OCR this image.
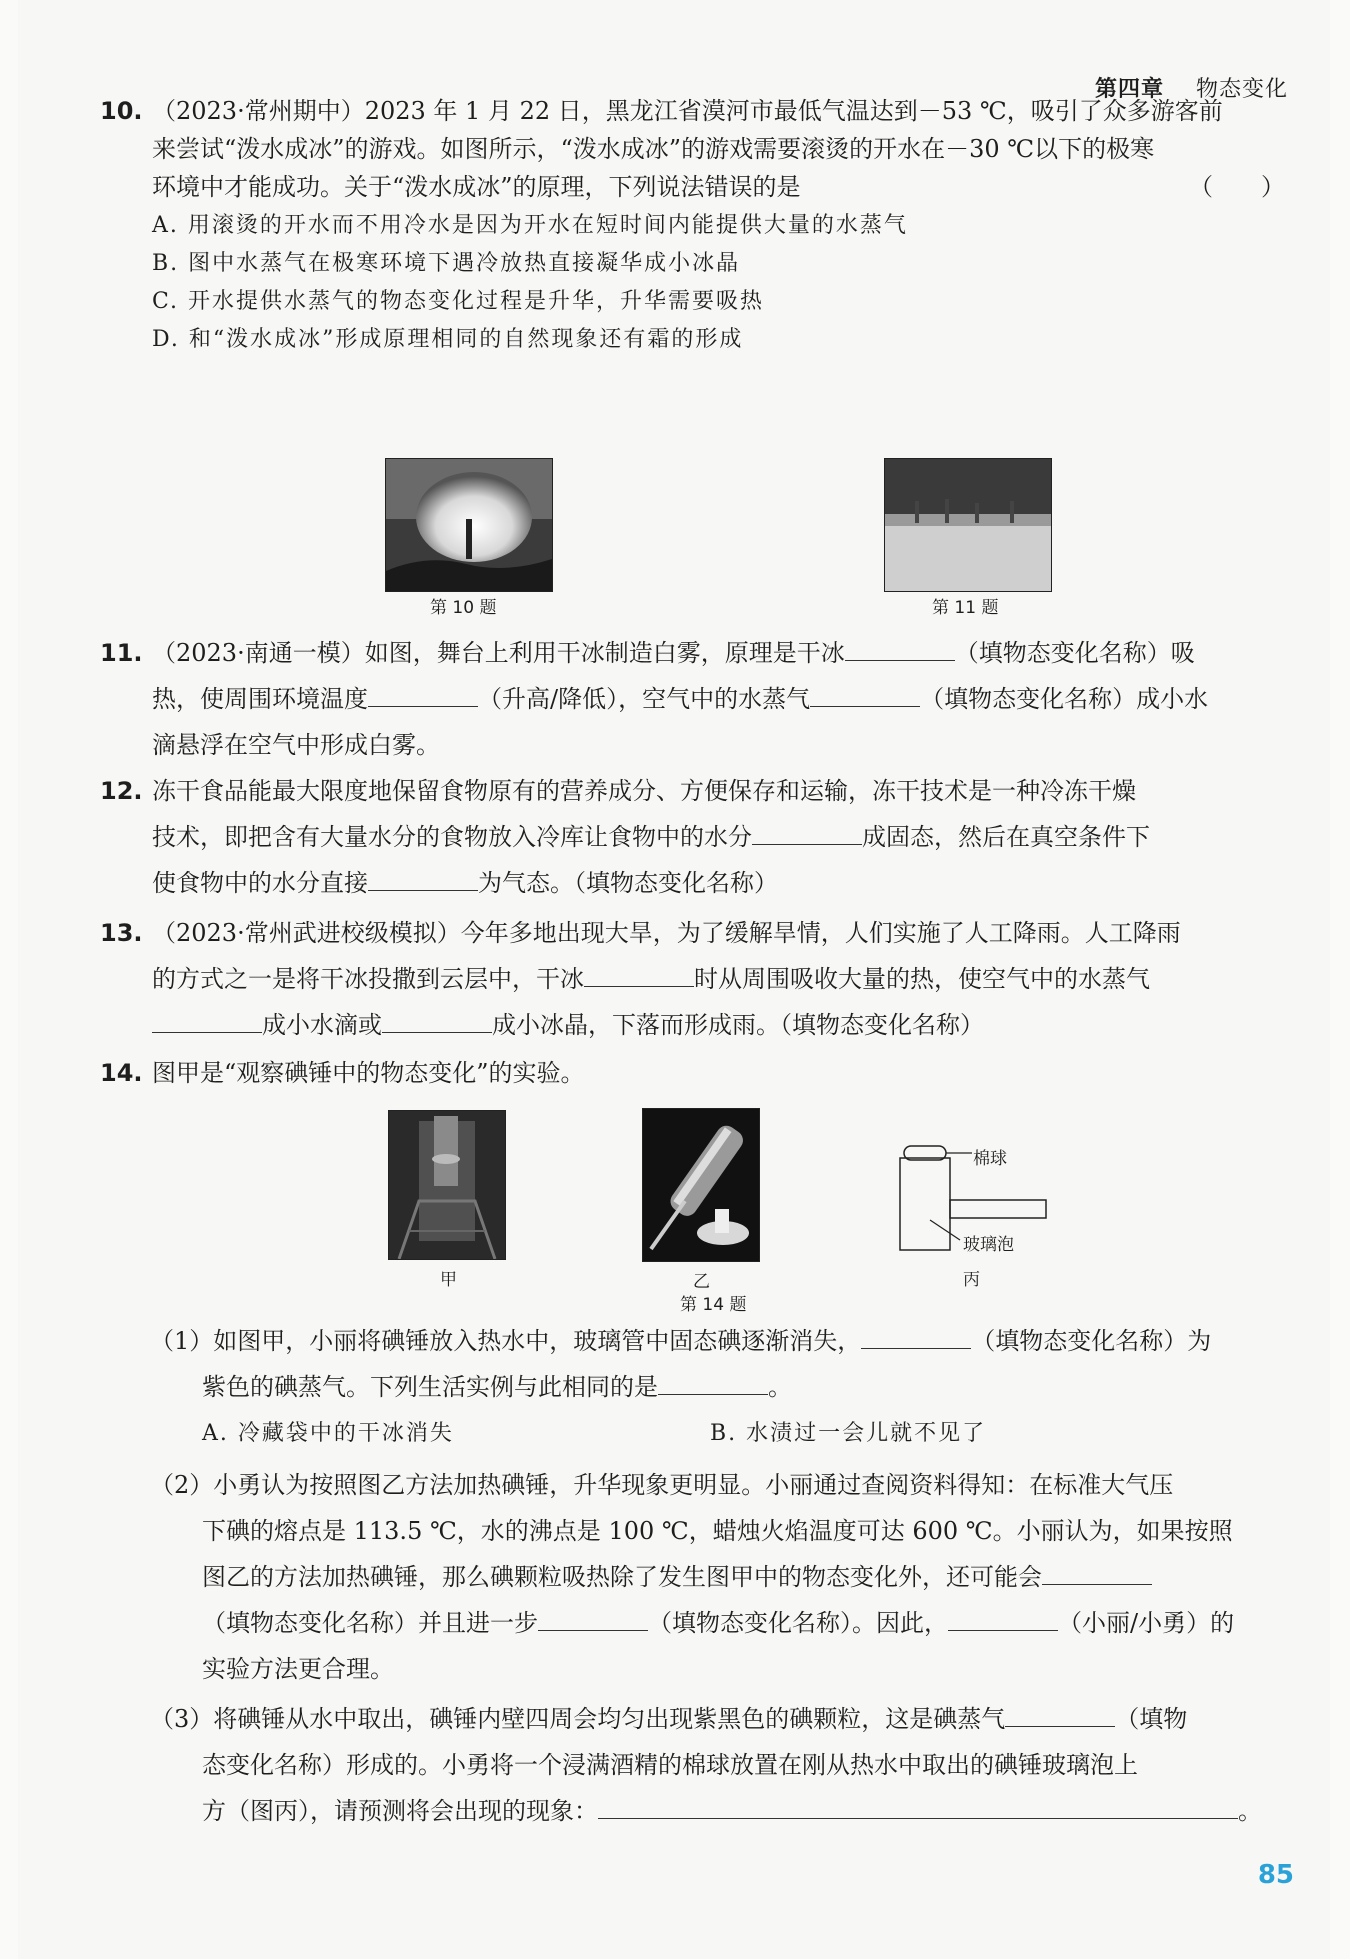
第四章 物态变化
10. （2023·常州期中）2023 年 1 月 22 日，黑龙江省漠河市最低气温达到－53 ℃，吸引了众多游客前
来尝试“泼水成冰”的游戏。如图所示，“泼水成冰”的游戏需要滚烫的开水在－30 ℃以下的极寒
环境中才能成功。关于“泼水成冰”的原理，下列说法错误的是	（　　）
A. 用滚烫的开水而不用冷水是因为开水在短时间内能提供大量的水蒸气
B. 图中水蒸气在极寒环境下遇冷放热直接凝华成小冰晶
C. 开水提供水蒸气的物态变化过程是升华，升华需要吸热
D. 和“泼水成冰”形成原理相同的自然现象还有霜的形成
第 10 题	第 11 题
11. （2023·南通一模）如图，舞台上利用干冰制造白雾，原理是干冰	（填物态变化名称）吸
热，使周围环境温度	（升高/降低），空气中的水蒸气	（填物态变化名称）成小水
滴悬浮在空气中形成白雾。
12. 冻干食品能最大限度地保留食物原有的营养成分、方便保存和运输，冻干技术是一种冷冻干燥
技术，即把含有大量水分的食物放入冷库让食物中的水分	成固态，然后在真空条件下
使食物中的水分直接	为气态。（填物态变化名称）
13. （2023·常州武进校级模拟）今年多地出现大旱，为了缓解旱情，人们实施了人工降雨。人工降雨
的方式之一是将干冰投撒到云层中，干冰	时从周围吸收大量的热，使空气中的水蒸气
成小水滴或	成小冰晶，下落而形成雨。（填物态变化名称）
14. 图甲是“观察碘锤中的物态变化”的实验。
甲	乙
第 14 题
棉球
玻璃泡
丙
（1）如图甲，小丽将碘锤放入热水中，玻璃管中固态碘逐渐消失，	（填物态变化名称）为
紫色的碘蒸气。下列生活实例与此相同的是	。
A. 冷藏袋中的干冰消失	B. 水渍过一会儿就不见了
（2）小勇认为按照图乙方法加热碘锤，升华现象更明显。小丽通过查阅资料得知：在标准大气压
下碘的熔点是 113.5 ℃，水的沸点是 100 ℃，蜡烛火焰温度可达 600 ℃。小丽认为，如果按照
图乙的方法加热碘锤，那么碘颗粒吸热除了发生图甲中的物态变化外，还可能会
（填物态变化名称）并且进一步	（填物态变化名称）。因此，	（小丽/小勇）的
实验方法更合理。
（3）将碘锤从水中取出，碘锤内壁四周会均匀出现紫黑色的碘颗粒，这是碘蒸气	（填物
态变化名称）形成的。小勇将一个浸满酒精的棉球放置在刚从热水中取出的碘锤玻璃泡上
方（图丙），请预测将会出现的现象：	。
85
